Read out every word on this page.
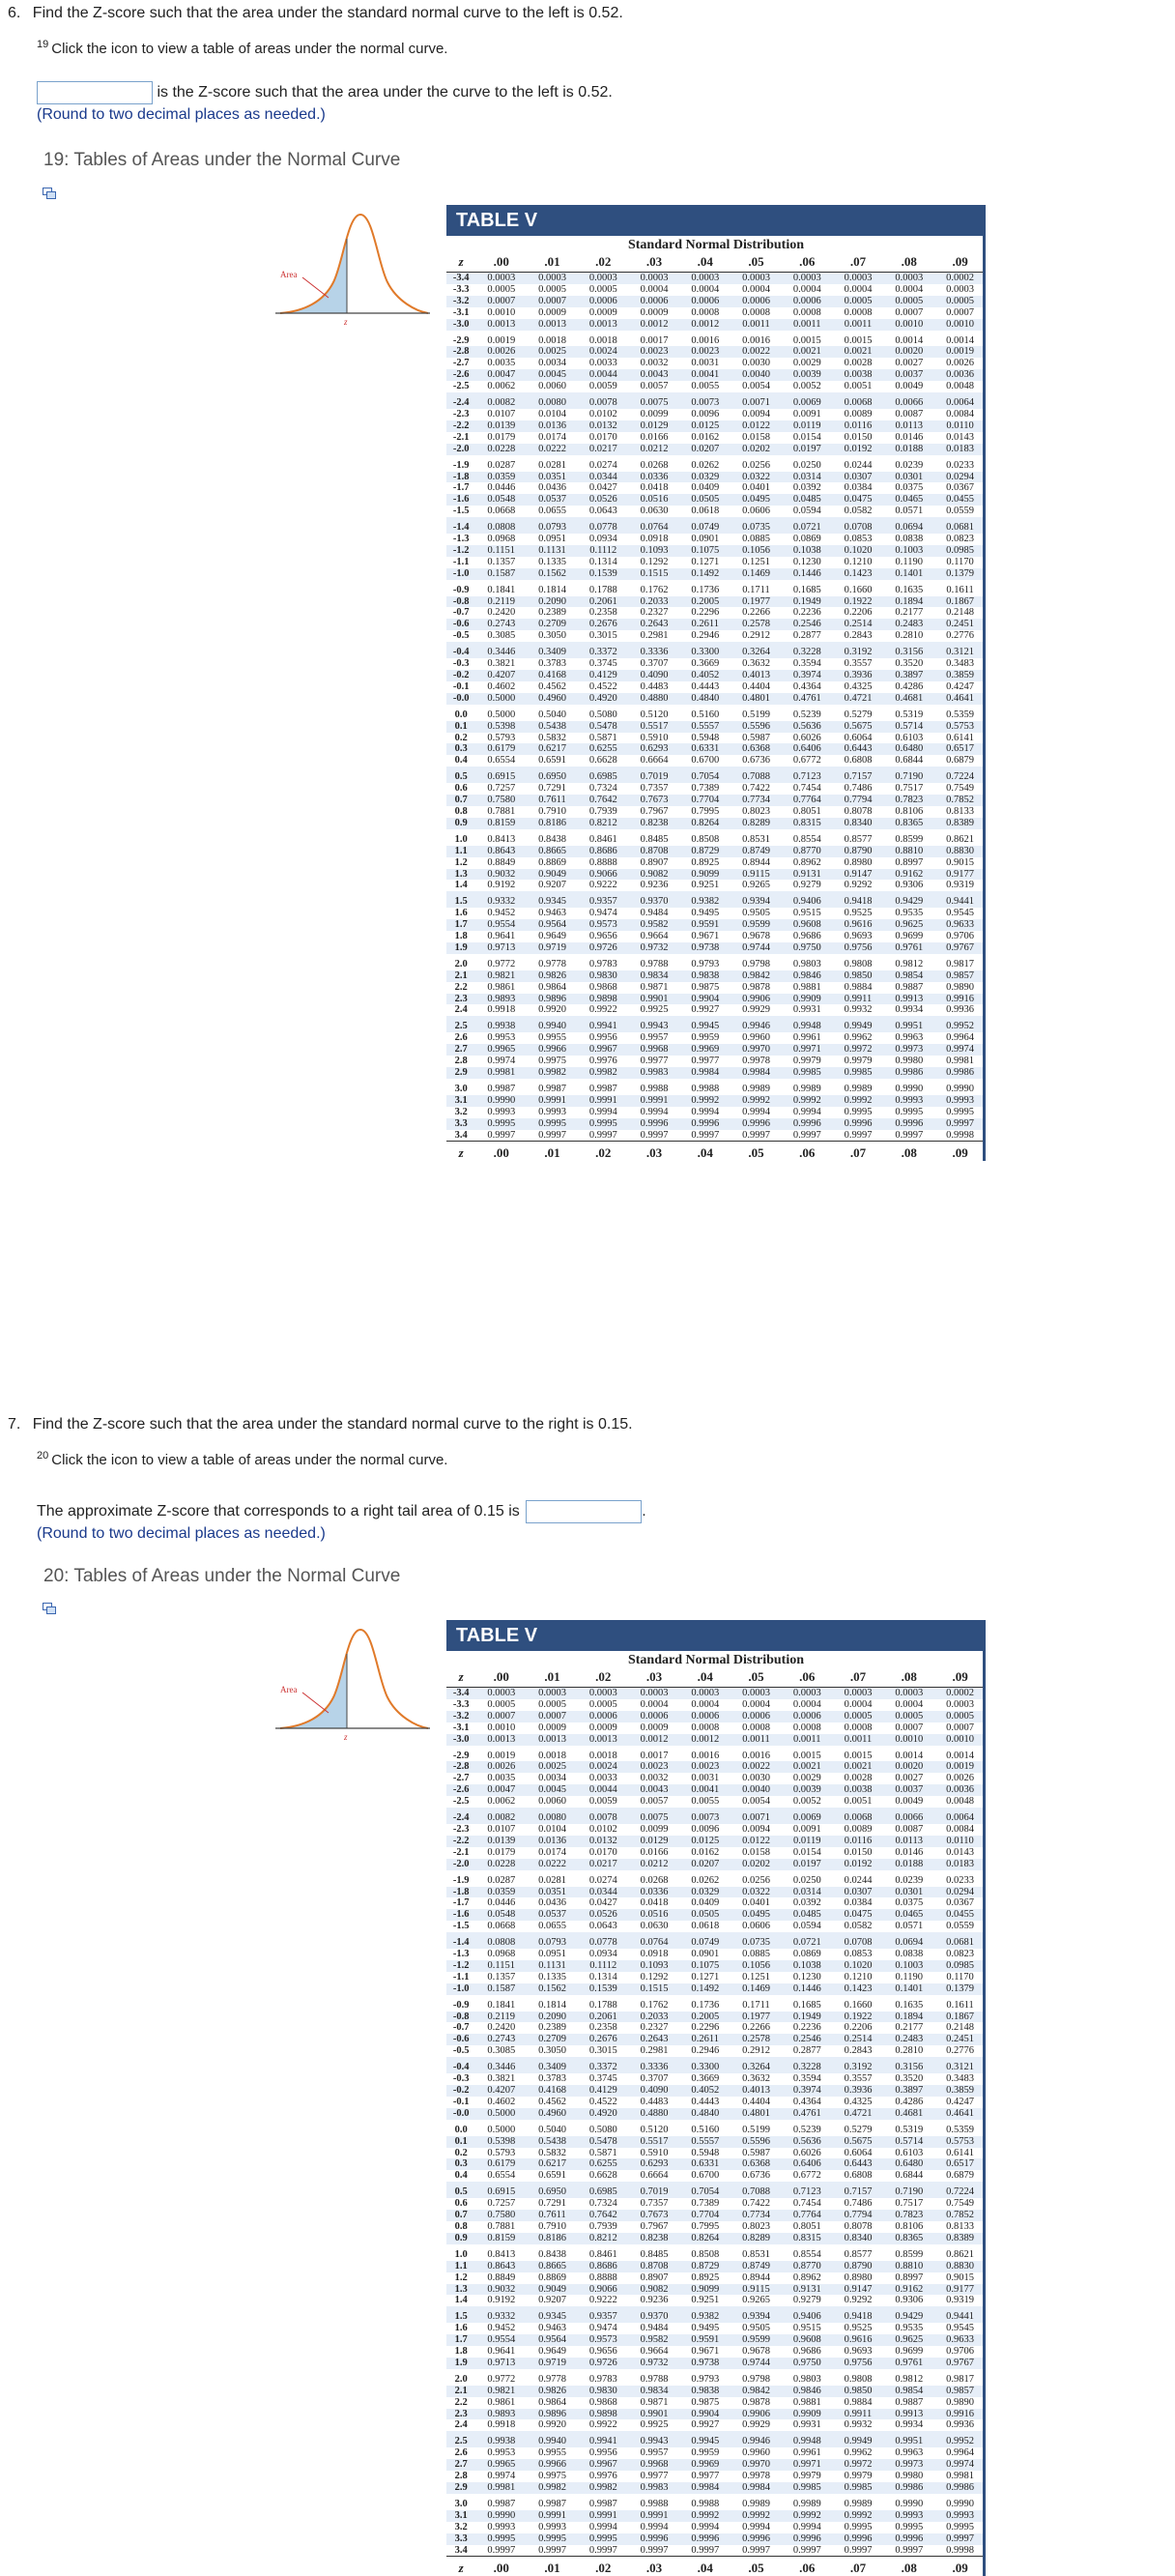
6. Find the Z-score such that the area under the standard normal curve to the left is 0.52.
$^{19}$ Click the icon to view a table of areas under the normal curve.
is the Z-score such that the area under the curve to the left is 0.52.
(Round to two decimal places as needed.)
19: Tables of Areas under the Normal Curve
Area
z
TABLE V
Standard Normal Distribution
z	.00	.01	.02	.03	.04	.05	.06	.07	.08	.09
-3.4	0.0003	0.0003	0.0003	0.0003	0.0003	0.0003	0.0003	0.0003	0.0003	0.0002
-3.3	0.0005	0.0005	0.0005	0.0004	0.0004	0.0004	0.0004	0.0004	0.0004	0.0003
-3.2	0.0007	0.0007	0.0006	0.0006	0.0006	0.0006	0.0006	0.0005	0.0005	0.0005
-3.1	0.0010	0.0009	0.0009	0.0009	0.0008	0.0008	0.0008	0.0008	0.0007	0.0007
-3.0	0.0013	0.0013	0.0013	0.0012	0.0012	0.0011	0.0011	0.0011	0.0010	0.0010
-2.9	0.0019	0.0018	0.0018	0.0017	0.0016	0.0016	0.0015	0.0015	0.0014	0.0014
-2.8	0.0026	0.0025	0.0024	0.0023	0.0023	0.0022	0.0021	0.0021	0.0020	0.0019
-2.7	0.0035	0.0034	0.0033	0.0032	0.0031	0.0030	0.0029	0.0028	0.0027	0.0026
-2.6	0.0047	0.0045	0.0044	0.0043	0.0041	0.0040	0.0039	0.0038	0.0037	0.0036
-2.5	0.0062	0.0060	0.0059	0.0057	0.0055	0.0054	0.0052	0.0051	0.0049	0.0048
-2.4	0.0082	0.0080	0.0078	0.0075	0.0073	0.0071	0.0069	0.0068	0.0066	0.0064
-2.3	0.0107	0.0104	0.0102	0.0099	0.0096	0.0094	0.0091	0.0089	0.0087	0.0084
-2.2	0.0139	0.0136	0.0132	0.0129	0.0125	0.0122	0.0119	0.0116	0.0113	0.0110
-2.1	0.0179	0.0174	0.0170	0.0166	0.0162	0.0158	0.0154	0.0150	0.0146	0.0143
-2.0	0.0228	0.0222	0.0217	0.0212	0.0207	0.0202	0.0197	0.0192	0.0188	0.0183
-1.9	0.0287	0.0281	0.0274	0.0268	0.0262	0.0256	0.0250	0.0244	0.0239	0.0233
-1.8	0.0359	0.0351	0.0344	0.0336	0.0329	0.0322	0.0314	0.0307	0.0301	0.0294
-1.7	0.0446	0.0436	0.0427	0.0418	0.0409	0.0401	0.0392	0.0384	0.0375	0.0367
-1.6	0.0548	0.0537	0.0526	0.0516	0.0505	0.0495	0.0485	0.0475	0.0465	0.0455
-1.5	0.0668	0.0655	0.0643	0.0630	0.0618	0.0606	0.0594	0.0582	0.0571	0.0559
-1.4	0.0808	0.0793	0.0778	0.0764	0.0749	0.0735	0.0721	0.0708	0.0694	0.0681
-1.3	0.0968	0.0951	0.0934	0.0918	0.0901	0.0885	0.0869	0.0853	0.0838	0.0823
-1.2	0.1151	0.1131	0.1112	0.1093	0.1075	0.1056	0.1038	0.1020	0.1003	0.0985
-1.1	0.1357	0.1335	0.1314	0.1292	0.1271	0.1251	0.1230	0.1210	0.1190	0.1170
-1.0	0.1587	0.1562	0.1539	0.1515	0.1492	0.1469	0.1446	0.1423	0.1401	0.1379
-0.9	0.1841	0.1814	0.1788	0.1762	0.1736	0.1711	0.1685	0.1660	0.1635	0.1611
-0.8	0.2119	0.2090	0.2061	0.2033	0.2005	0.1977	0.1949	0.1922	0.1894	0.1867
-0.7	0.2420	0.2389	0.2358	0.2327	0.2296	0.2266	0.2236	0.2206	0.2177	0.2148
-0.6	0.2743	0.2709	0.2676	0.2643	0.2611	0.2578	0.2546	0.2514	0.2483	0.2451
-0.5	0.3085	0.3050	0.3015	0.2981	0.2946	0.2912	0.2877	0.2843	0.2810	0.2776
-0.4	0.3446	0.3409	0.3372	0.3336	0.3300	0.3264	0.3228	0.3192	0.3156	0.3121
-0.3	0.3821	0.3783	0.3745	0.3707	0.3669	0.3632	0.3594	0.3557	0.3520	0.3483
-0.2	0.4207	0.4168	0.4129	0.4090	0.4052	0.4013	0.3974	0.3936	0.3897	0.3859
-0.1	0.4602	0.4562	0.4522	0.4483	0.4443	0.4404	0.4364	0.4325	0.4286	0.4247
-0.0	0.5000	0.4960	0.4920	0.4880	0.4840	0.4801	0.4761	0.4721	0.4681	0.4641
0.0	0.5000	0.5040	0.5080	0.5120	0.5160	0.5199	0.5239	0.5279	0.5319	0.5359
0.1	0.5398	0.5438	0.5478	0.5517	0.5557	0.5596	0.5636	0.5675	0.5714	0.5753
0.2	0.5793	0.5832	0.5871	0.5910	0.5948	0.5987	0.6026	0.6064	0.6103	0.6141
0.3	0.6179	0.6217	0.6255	0.6293	0.6331	0.6368	0.6406	0.6443	0.6480	0.6517
0.4	0.6554	0.6591	0.6628	0.6664	0.6700	0.6736	0.6772	0.6808	0.6844	0.6879
0.5	0.6915	0.6950	0.6985	0.7019	0.7054	0.7088	0.7123	0.7157	0.7190	0.7224
0.6	0.7257	0.7291	0.7324	0.7357	0.7389	0.7422	0.7454	0.7486	0.7517	0.7549
0.7	0.7580	0.7611	0.7642	0.7673	0.7704	0.7734	0.7764	0.7794	0.7823	0.7852
0.8	0.7881	0.7910	0.7939	0.7967	0.7995	0.8023	0.8051	0.8078	0.8106	0.8133
0.9	0.8159	0.8186	0.8212	0.8238	0.8264	0.8289	0.8315	0.8340	0.8365	0.8389
1.0	0.8413	0.8438	0.8461	0.8485	0.8508	0.8531	0.8554	0.8577	0.8599	0.8621
1.1	0.8643	0.8665	0.8686	0.8708	0.8729	0.8749	0.8770	0.8790	0.8810	0.8830
1.2	0.8849	0.8869	0.8888	0.8907	0.8925	0.8944	0.8962	0.8980	0.8997	0.9015
1.3	0.9032	0.9049	0.9066	0.9082	0.9099	0.9115	0.9131	0.9147	0.9162	0.9177
1.4	0.9192	0.9207	0.9222	0.9236	0.9251	0.9265	0.9279	0.9292	0.9306	0.9319
1.5	0.9332	0.9345	0.9357	0.9370	0.9382	0.9394	0.9406	0.9418	0.9429	0.9441
1.6	0.9452	0.9463	0.9474	0.9484	0.9495	0.9505	0.9515	0.9525	0.9535	0.9545
1.7	0.9554	0.9564	0.9573	0.9582	0.9591	0.9599	0.9608	0.9616	0.9625	0.9633
1.8	0.9641	0.9649	0.9656	0.9664	0.9671	0.9678	0.9686	0.9693	0.9699	0.9706
1.9	0.9713	0.9719	0.9726	0.9732	0.9738	0.9744	0.9750	0.9756	0.9761	0.9767
2.0	0.9772	0.9778	0.9783	0.9788	0.9793	0.9798	0.9803	0.9808	0.9812	0.9817
2.1	0.9821	0.9826	0.9830	0.9834	0.9838	0.9842	0.9846	0.9850	0.9854	0.9857
2.2	0.9861	0.9864	0.9868	0.9871	0.9875	0.9878	0.9881	0.9884	0.9887	0.9890
2.3	0.9893	0.9896	0.9898	0.9901	0.9904	0.9906	0.9909	0.9911	0.9913	0.9916
2.4	0.9918	0.9920	0.9922	0.9925	0.9927	0.9929	0.9931	0.9932	0.9934	0.9936
2.5	0.9938	0.9940	0.9941	0.9943	0.9945	0.9946	0.9948	0.9949	0.9951	0.9952
2.6	0.9953	0.9955	0.9956	0.9957	0.9959	0.9960	0.9961	0.9962	0.9963	0.9964
2.7	0.9965	0.9966	0.9967	0.9968	0.9969	0.9970	0.9971	0.9972	0.9973	0.9974
2.8	0.9974	0.9975	0.9976	0.9977	0.9977	0.9978	0.9979	0.9979	0.9980	0.9981
2.9	0.9981	0.9982	0.9982	0.9983	0.9984	0.9984	0.9985	0.9985	0.9986	0.9986
3.0	0.9987	0.9987	0.9987	0.9988	0.9988	0.9989	0.9989	0.9989	0.9990	0.9990
3.1	0.9990	0.9991	0.9991	0.9991	0.9992	0.9992	0.9992	0.9992	0.9993	0.9993
3.2	0.9993	0.9993	0.9994	0.9994	0.9994	0.9994	0.9994	0.9995	0.9995	0.9995
3.3	0.9995	0.9995	0.9995	0.9996	0.9996	0.9996	0.9996	0.9996	0.9996	0.9997
3.4	0.9997	0.9997	0.9997	0.9997	0.9997	0.9997	0.9997	0.9997	0.9997	0.9998
z	.00	.01	.02	.03	.04	.05	.06	.07	.08	.09
7. Find the Z-score such that the area under the standard normal curve to the right is 0.15.
$^{20}$ Click the icon to view a table of areas under the normal curve.
The approximate Z-score that corresponds to a right tail area of 0.15 is	.
(Round to two decimal places as needed.)
20: Tables of Areas under the Normal Curve
Area
z
TABLE V
Standard Normal Distribution
z	.00	.01	.02	.03	.04	.05	.06	.07	.08	.09
-3.4	0.0003	0.0003	0.0003	0.0003	0.0003	0.0003	0.0003	0.0003	0.0003	0.0002
-3.3	0.0005	0.0005	0.0005	0.0004	0.0004	0.0004	0.0004	0.0004	0.0004	0.0003
-3.2	0.0007	0.0007	0.0006	0.0006	0.0006	0.0006	0.0006	0.0005	0.0005	0.0005
-3.1	0.0010	0.0009	0.0009	0.0009	0.0008	0.0008	0.0008	0.0008	0.0007	0.0007
-3.0	0.0013	0.0013	0.0013	0.0012	0.0012	0.0011	0.0011	0.0011	0.0010	0.0010
-2.9	0.0019	0.0018	0.0018	0.0017	0.0016	0.0016	0.0015	0.0015	0.0014	0.0014
-2.8	0.0026	0.0025	0.0024	0.0023	0.0023	0.0022	0.0021	0.0021	0.0020	0.0019
-2.7	0.0035	0.0034	0.0033	0.0032	0.0031	0.0030	0.0029	0.0028	0.0027	0.0026
-2.6	0.0047	0.0045	0.0044	0.0043	0.0041	0.0040	0.0039	0.0038	0.0037	0.0036
-2.5	0.0062	0.0060	0.0059	0.0057	0.0055	0.0054	0.0052	0.0051	0.0049	0.0048
-2.4	0.0082	0.0080	0.0078	0.0075	0.0073	0.0071	0.0069	0.0068	0.0066	0.0064
-2.3	0.0107	0.0104	0.0102	0.0099	0.0096	0.0094	0.0091	0.0089	0.0087	0.0084
-2.2	0.0139	0.0136	0.0132	0.0129	0.0125	0.0122	0.0119	0.0116	0.0113	0.0110
-2.1	0.0179	0.0174	0.0170	0.0166	0.0162	0.0158	0.0154	0.0150	0.0146	0.0143
-2.0	0.0228	0.0222	0.0217	0.0212	0.0207	0.0202	0.0197	0.0192	0.0188	0.0183
-1.9	0.0287	0.0281	0.0274	0.0268	0.0262	0.0256	0.0250	0.0244	0.0239	0.0233
-1.8	0.0359	0.0351	0.0344	0.0336	0.0329	0.0322	0.0314	0.0307	0.0301	0.0294
-1.7	0.0446	0.0436	0.0427	0.0418	0.0409	0.0401	0.0392	0.0384	0.0375	0.0367
-1.6	0.0548	0.0537	0.0526	0.0516	0.0505	0.0495	0.0485	0.0475	0.0465	0.0455
-1.5	0.0668	0.0655	0.0643	0.0630	0.0618	0.0606	0.0594	0.0582	0.0571	0.0559
-1.4	0.0808	0.0793	0.0778	0.0764	0.0749	0.0735	0.0721	0.0708	0.0694	0.0681
-1.3	0.0968	0.0951	0.0934	0.0918	0.0901	0.0885	0.0869	0.0853	0.0838	0.0823
-1.2	0.1151	0.1131	0.1112	0.1093	0.1075	0.1056	0.1038	0.1020	0.1003	0.0985
-1.1	0.1357	0.1335	0.1314	0.1292	0.1271	0.1251	0.1230	0.1210	0.1190	0.1170
-1.0	0.1587	0.1562	0.1539	0.1515	0.1492	0.1469	0.1446	0.1423	0.1401	0.1379
-0.9	0.1841	0.1814	0.1788	0.1762	0.1736	0.1711	0.1685	0.1660	0.1635	0.1611
-0.8	0.2119	0.2090	0.2061	0.2033	0.2005	0.1977	0.1949	0.1922	0.1894	0.1867
-0.7	0.2420	0.2389	0.2358	0.2327	0.2296	0.2266	0.2236	0.2206	0.2177	0.2148
-0.6	0.2743	0.2709	0.2676	0.2643	0.2611	0.2578	0.2546	0.2514	0.2483	0.2451
-0.5	0.3085	0.3050	0.3015	0.2981	0.2946	0.2912	0.2877	0.2843	0.2810	0.2776
-0.4	0.3446	0.3409	0.3372	0.3336	0.3300	0.3264	0.3228	0.3192	0.3156	0.3121
-0.3	0.3821	0.3783	0.3745	0.3707	0.3669	0.3632	0.3594	0.3557	0.3520	0.3483
-0.2	0.4207	0.4168	0.4129	0.4090	0.4052	0.4013	0.3974	0.3936	0.3897	0.3859
-0.1	0.4602	0.4562	0.4522	0.4483	0.4443	0.4404	0.4364	0.4325	0.4286	0.4247
-0.0	0.5000	0.4960	0.4920	0.4880	0.4840	0.4801	0.4761	0.4721	0.4681	0.4641
0.0	0.5000	0.5040	0.5080	0.5120	0.5160	0.5199	0.5239	0.5279	0.5319	0.5359
0.1	0.5398	0.5438	0.5478	0.5517	0.5557	0.5596	0.5636	0.5675	0.5714	0.5753
0.2	0.5793	0.5832	0.5871	0.5910	0.5948	0.5987	0.6026	0.6064	0.6103	0.6141
0.3	0.6179	0.6217	0.6255	0.6293	0.6331	0.6368	0.6406	0.6443	0.6480	0.6517
0.4	0.6554	0.6591	0.6628	0.6664	0.6700	0.6736	0.6772	0.6808	0.6844	0.6879
0.5	0.6915	0.6950	0.6985	0.7019	0.7054	0.7088	0.7123	0.7157	0.7190	0.7224
0.6	0.7257	0.7291	0.7324	0.7357	0.7389	0.7422	0.7454	0.7486	0.7517	0.7549
0.7	0.7580	0.7611	0.7642	0.7673	0.7704	0.7734	0.7764	0.7794	0.7823	0.7852
0.8	0.7881	0.7910	0.7939	0.7967	0.7995	0.8023	0.8051	0.8078	0.8106	0.8133
0.9	0.8159	0.8186	0.8212	0.8238	0.8264	0.8289	0.8315	0.8340	0.8365	0.8389
1.0	0.8413	0.8438	0.8461	0.8485	0.8508	0.8531	0.8554	0.8577	0.8599	0.8621
1.1	0.8643	0.8665	0.8686	0.8708	0.8729	0.8749	0.8770	0.8790	0.8810	0.8830
1.2	0.8849	0.8869	0.8888	0.8907	0.8925	0.8944	0.8962	0.8980	0.8997	0.9015
1.3	0.9032	0.9049	0.9066	0.9082	0.9099	0.9115	0.9131	0.9147	0.9162	0.9177
1.4	0.9192	0.9207	0.9222	0.9236	0.9251	0.9265	0.9279	0.9292	0.9306	0.9319
1.5	0.9332	0.9345	0.9357	0.9370	0.9382	0.9394	0.9406	0.9418	0.9429	0.9441
1.6	0.9452	0.9463	0.9474	0.9484	0.9495	0.9505	0.9515	0.9525	0.9535	0.9545
1.7	0.9554	0.9564	0.9573	0.9582	0.9591	0.9599	0.9608	0.9616	0.9625	0.9633
1.8	0.9641	0.9649	0.9656	0.9664	0.9671	0.9678	0.9686	0.9693	0.9699	0.9706
1.9	0.9713	0.9719	0.9726	0.9732	0.9738	0.9744	0.9750	0.9756	0.9761	0.9767
2.0	0.9772	0.9778	0.9783	0.9788	0.9793	0.9798	0.9803	0.9808	0.9812	0.9817
2.1	0.9821	0.9826	0.9830	0.9834	0.9838	0.9842	0.9846	0.9850	0.9854	0.9857
2.2	0.9861	0.9864	0.9868	0.9871	0.9875	0.9878	0.9881	0.9884	0.9887	0.9890
2.3	0.9893	0.9896	0.9898	0.9901	0.9904	0.9906	0.9909	0.9911	0.9913	0.9916
2.4	0.9918	0.9920	0.9922	0.9925	0.9927	0.9929	0.9931	0.9932	0.9934	0.9936
2.5	0.9938	0.9940	0.9941	0.9943	0.9945	0.9946	0.9948	0.9949	0.9951	0.9952
2.6	0.9953	0.9955	0.9956	0.9957	0.9959	0.9960	0.9961	0.9962	0.9963	0.9964
2.7	0.9965	0.9966	0.9967	0.9968	0.9969	0.9970	0.9971	0.9972	0.9973	0.9974
2.8	0.9974	0.9975	0.9976	0.9977	0.9977	0.9978	0.9979	0.9979	0.9980	0.9981
2.9	0.9981	0.9982	0.9982	0.9983	0.9984	0.9984	0.9985	0.9985	0.9986	0.9986
3.0	0.9987	0.9987	0.9987	0.9988	0.9988	0.9989	0.9989	0.9989	0.9990	0.9990
3.1	0.9990	0.9991	0.9991	0.9991	0.9992	0.9992	0.9992	0.9992	0.9993	0.9993
3.2	0.9993	0.9993	0.9994	0.9994	0.9994	0.9994	0.9994	0.9995	0.9995	0.9995
3.3	0.9995	0.9995	0.9995	0.9996	0.9996	0.9996	0.9996	0.9996	0.9996	0.9997
3.4	0.9997	0.9997	0.9997	0.9997	0.9997	0.9997	0.9997	0.9997	0.9997	0.9998
z	.00	.01	.02	.03	.04	.05	.06	.07	.08	.09
